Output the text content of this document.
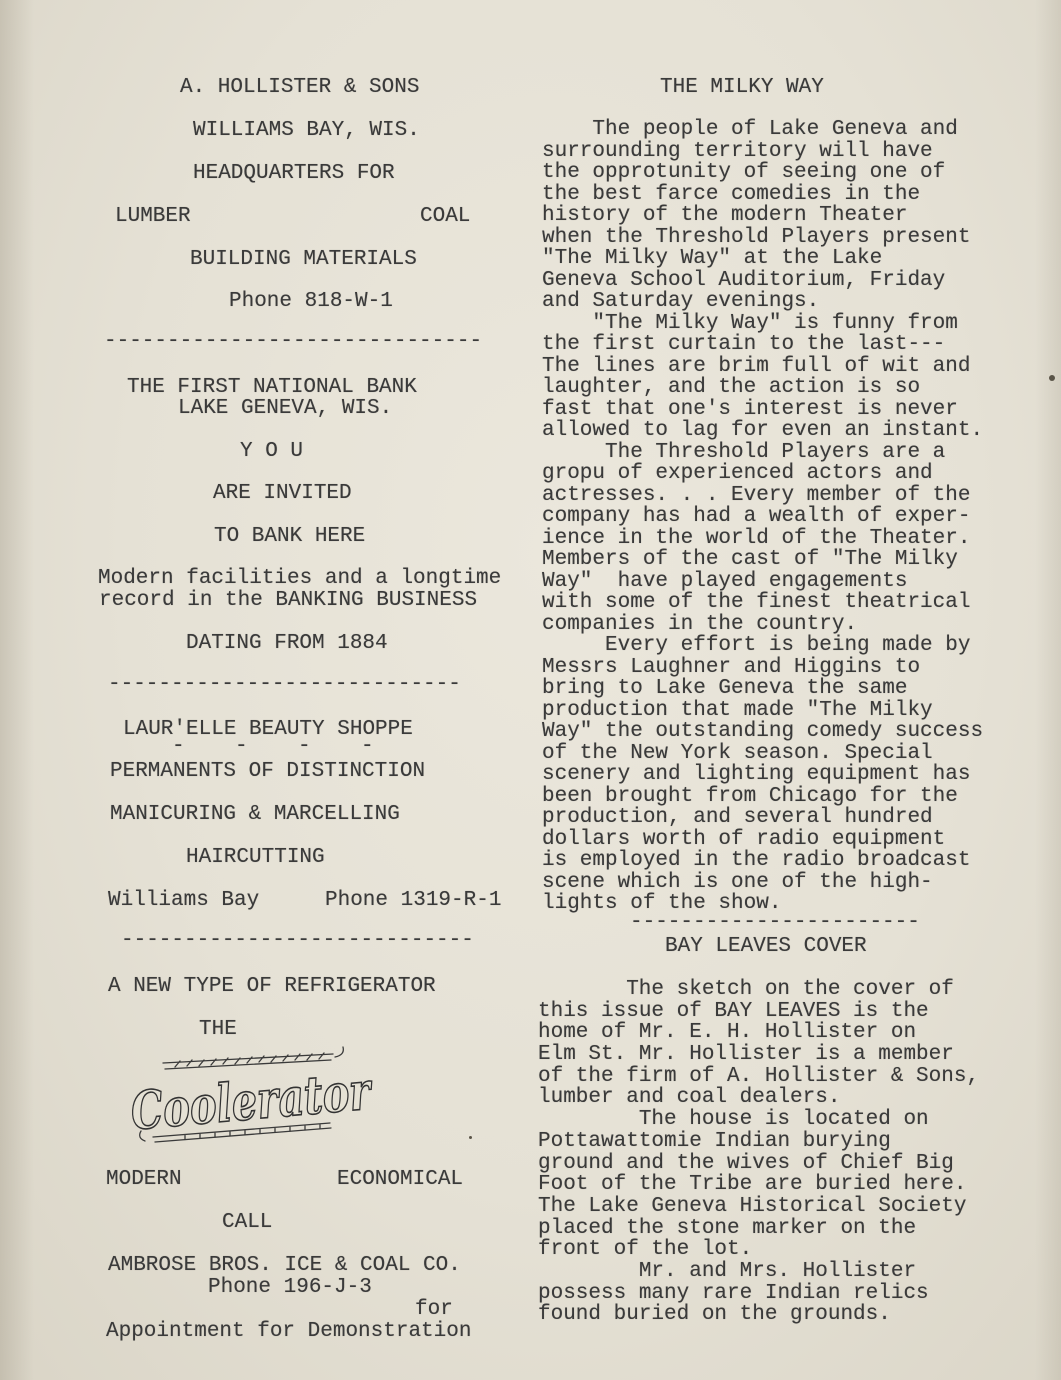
A. HOLLISTER & SONS
WILLIAMS BAY, WIS.
HEADQUARTERS FOR
LUMBER	COAL
BUILDING MATERIALS
Phone 818-W-1
------------------------------
THE FIRST NATIONAL BANK
LAKE GENEVA, WIS.
Y O U
ARE INVITED
TO BANK HERE
Modern facilities and a longtime
record in the BANKING BUSINESS
DATING FROM 1884
----------------------------
LAUR'ELLE BEAUTY SHOPPE
-    -    -    -
PERMANENTS OF DISTINCTION
MANICURING & MARCELLING
HAIRCUTTING
Williams Bay	Phone 1319-R-1
----------------------------
A NEW TYPE OF REFRIGERATOR
THE
Coolerator
MODERN	ECONOMICAL
CALL
AMBROSE BROS. ICE & COAL CO.
Phone 196-J-3
for
Appointment for Demonstration
THE MILKY WAY
The people of Lake Geneva and
surrounding territory will have
the opprotunity of seeing one of
the best farce comedies in the
history of the modern Theater
when the Threshold Players present
"The Milky Way" at the Lake
Geneva School Auditorium, Friday
and Saturday evenings.
"The Milky Way" is funny from
the first curtain to the last---
The lines are brim full of wit and
laughter, and the action is so
fast that one's interest is never
allowed to lag for even an instant.
The Threshold Players are a
gropu of experienced actors and
actresses. . . Every member of the
company has had a wealth of exper-
ience in the world of the Theater.
Members of the cast of "The Milky
Way"  have played engagements
with some of the finest theatrical
companies in the country.
Every effort is being made by
Messrs Laughner and Higgins to
bring to Lake Geneva the same
production that made "The Milky
Way" the outstanding comedy success
of the New York season. Special
scenery and lighting equipment has
been brought from Chicago for the
production, and several hundred
dollars worth of radio equipment
is employed in the radio broadcast
scene which is one of the high-
lights of the show.
-----------------------
BAY LEAVES COVER
The sketch on the cover of
this issue of BAY LEAVES is the
home of Mr. E. H. Hollister on
Elm St. Mr. Hollister is a member
of the firm of A. Hollister & Sons,
lumber and coal dealers.
The house is located on
Pottawattomie Indian burying
ground and the wives of Chief Big
Foot of the Tribe are buried here.
The Lake Geneva Historical Society
placed the stone marker on the
front of the lot.
Mr. and Mrs. Hollister
possess many rare Indian relics
found buried on the grounds.
